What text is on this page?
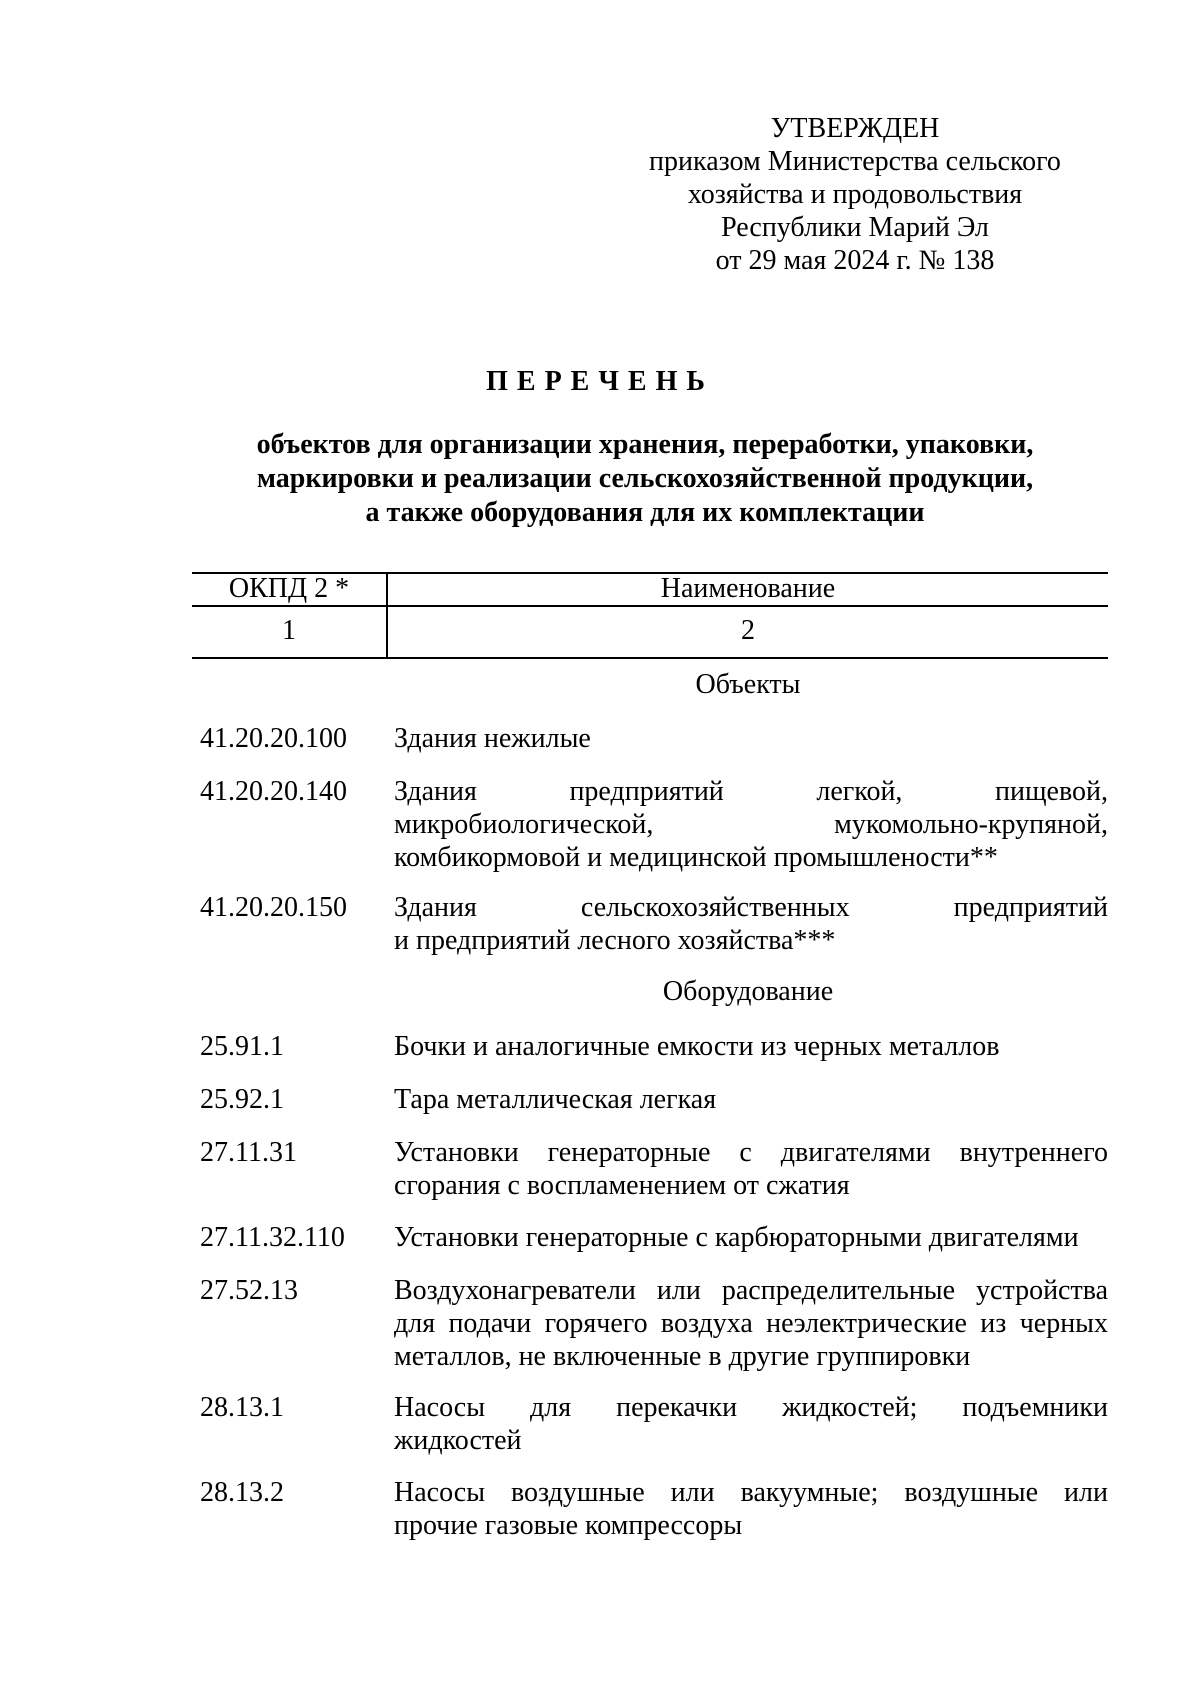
УТВЕРЖДЕН
приказом Министерства сельского
хозяйства и продовольствия
Республики Марий Эл
от 29 мая 2024 г. № 138
ПЕРЕЧЕНЬ
объектов для организации хранения, переработки, упаковки,
маркировки и реализации сельскохозяйственной продукции,
а также оборудования для их комплектации
ОКПД 2 *	Наименование
1	2
Объекты
41.20.20.100 Здания нежилые
41.20.20.140 Здания предприятий легкой, пищевой,
микробиологической, мукомольно-крупяной,
комбикормовой и медицинской промышлености**
41.20.20.150 Здания сельскохозяйственных предприятий
и предприятий лесного хозяйства***
Оборудование
25.91.1	Бочки и аналогичные емкости из черных металлов
25.92.1	Тара металлическая легкая
27.11.31	Установки генераторные с двигателями внутреннего
сгорания с воспламенением от сжатия
27.11.32.110 Установки генераторные с карбюраторными двигателями
27.52.13	Воздухонагреватели или распределительные устройства
для подачи горячего воздуха неэлектрические из черных
металлов, не включенные в другие группировки
28.13.1	Насосы для перекачки жидкостей; подъемники
жидкостей
28.13.2	Насосы воздушные или вакуумные; воздушные или
прочие газовые компрессоры
